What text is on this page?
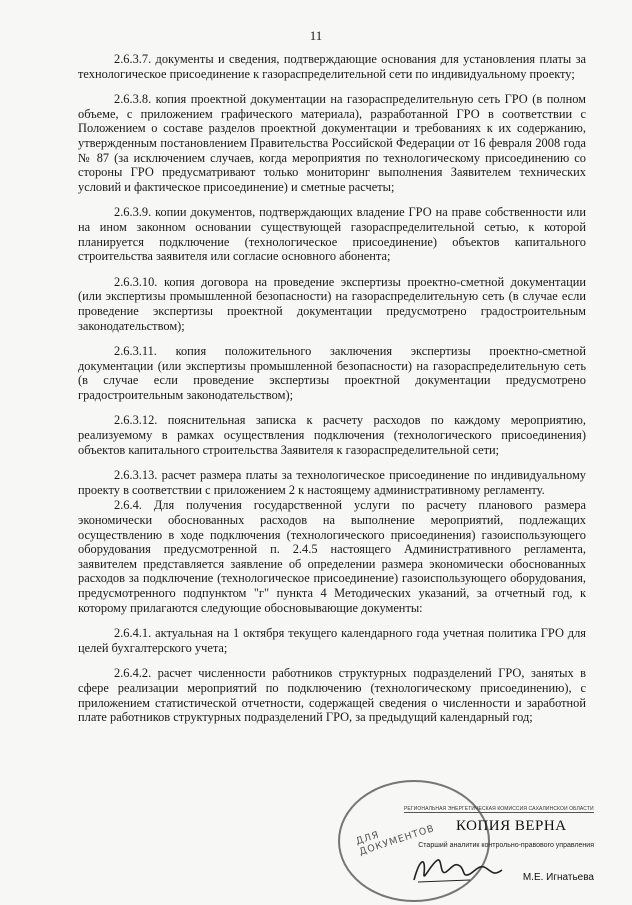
11

2.6.3.7. документы и сведения, подтверждающие основания для установления платы за технологическое присоединение к газораспределительной сети по индивидуальному проекту;

2.6.3.8. копия проектной документации на газораспределительную сеть ГРО (в полном объеме, с приложением графического материала), разработанной ГРО в соответствии с Положением о составе разделов проектной документации и требованиях к их содержанию, утвержденным постановлением Правительства Российской Федерации от 16 февраля 2008 года № 87 (за исключением случаев, когда мероприятия по технологическому присоединению со стороны ГРО предусматривают только мониторинг выполнения Заявителем технических условий и фактическое присоединение) и сметные расчеты;

2.6.3.9. копии документов, подтверждающих владение ГРО на праве собственности или на ином законном основании существующей газораспределительной сетью, к которой планируется подключение (технологическое присоединение) объектов капитального строительства заявителя или согласие основного абонента;

2.6.3.10. копия договора на проведение экспертизы проектно-сметной документации (или экспертизы промышленной безопасности) на газораспределительную сеть (в случае если проведение экспертизы проектной документации предусмотрено градостроительным законодательством);

2.6.3.11. копия положительного заключения экспертизы проектно-сметной документации (или экспертизы промышленной безопасности) на газораспределительную сеть (в случае если проведение экспертизы проектной документации предусмотрено градостроительным законодательством);

2.6.3.12. пояснительная записка к расчету расходов по каждому мероприятию, реализуемому в рамках осуществления подключения (технологического присоединения) объектов капитального строительства Заявителя к газораспределительной сети;

2.6.3.13. расчет размера платы за технологическое присоединение по индивидуальному проекту в соответствии с приложением 2 к настоящему административному регламенту.

2.6.4. Для получения государственной услуги по расчету планового размера экономически обоснованных расходов на выполнение мероприятий, подлежащих осуществлению в ходе подключения (технологического присоединения) газоиспользующего оборудования предусмотренной п. 2.4.5 настоящего Административного регламента, заявителем представляется заявление об определении размера экономически обоснованных расходов за подключение (технологическое присоединение) газоиспользующего оборудования, предусмотренного подпунктом "г" пункта 4 Методических указаний, за отчетный год, к которому прилагаются следующие обосновывающие документы:

2.6.4.1. актуальная на 1 октября текущего календарного года учетная политика ГРО для целей бухгалтерского учета;

2.6.4.2. расчет численности работников структурных подразделений ГРО, занятых в сфере реализации мероприятий по подключению (технологическому присоединению), с приложением статистической отчетности, содержащей сведения о численности и заработной плате работников структурных подразделений ГРО, за предыдущий календарный год;

ДЛЯ ДОКУМЕНТОВ
РЕГИОНАЛЬНАЯ ЭНЕРГЕТИЧЕСКАЯ КОМИССИЯ САХАЛИНСКОЙ ОБЛАСТИ
КОПИЯ ВЕРНА
Старший аналитик контрольно-правового управления
М.Е. Игнатьева
